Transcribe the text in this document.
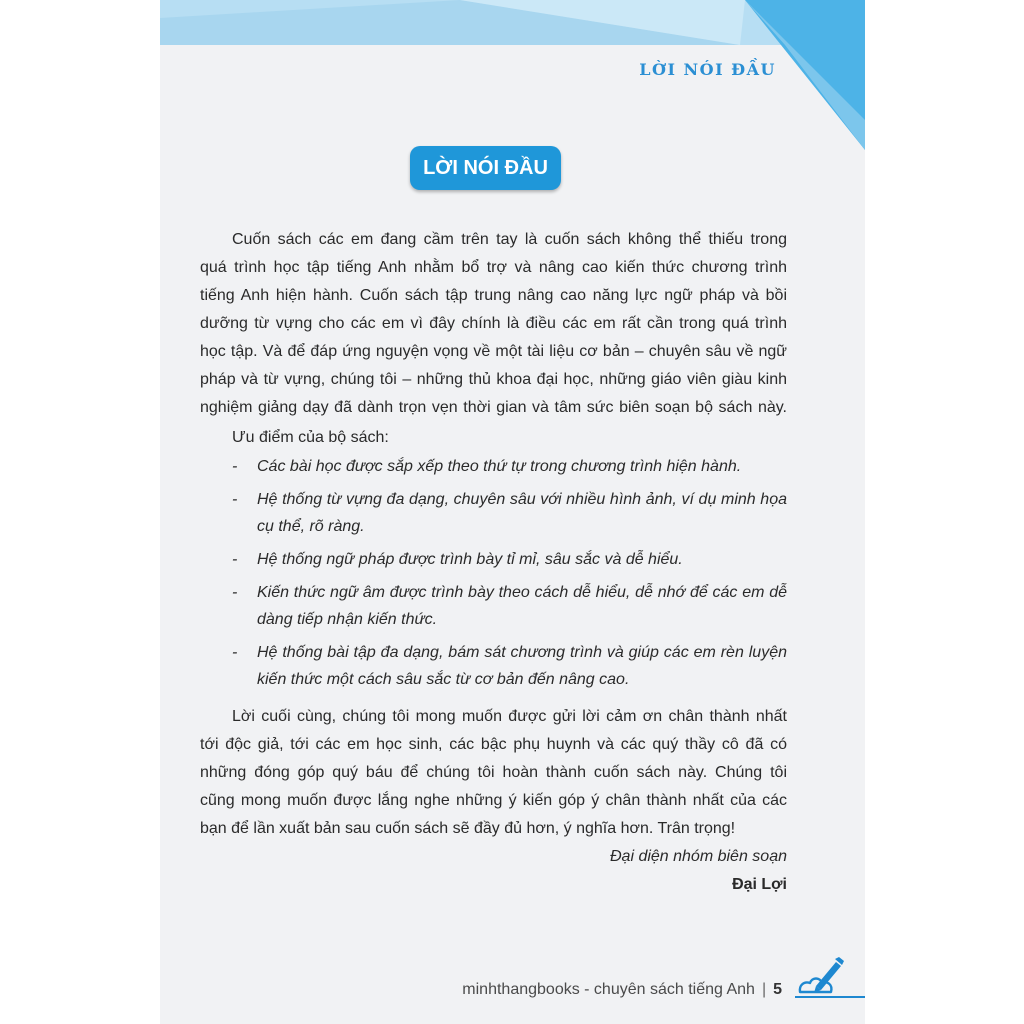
LỜI NÓI ĐẦU
LỜI NÓI ĐẦU
Cuốn sách các em đang cầm trên tay là cuốn sách không thể thiếu trong
quá trình học tập tiếng Anh nhằm bổ trợ và nâng cao kiến thức chương trình
tiếng Anh hiện hành. Cuốn sách tập trung nâng cao năng lực ngữ pháp và bồi
dưỡng từ vựng cho các em vì đây chính là điều các em rất cần trong quá trình
học tập. Và để đáp ứng nguyện vọng về một tài liệu cơ bản – chuyên sâu về ngữ
pháp và từ vựng, chúng tôi – những thủ khoa đại học, những giáo viên giàu kinh
nghiệm giảng dạy đã dành trọn vẹn thời gian và tâm sức biên soạn bộ sách này.
Ưu điểm của bộ sách:
- Các bài học được sắp xếp theo thứ tự trong chương trình hiện hành.
- Hệ thống từ vựng đa dạng, chuyên sâu với nhiều hình ảnh, ví dụ minh họa
cụ thể, rõ ràng.
- Hệ thống ngữ pháp được trình bày tỉ mỉ, sâu sắc và dễ hiểu.
- Kiến thức ngữ âm được trình bày theo cách dễ hiểu, dễ nhớ để các em dễ
dàng tiếp nhận kiến thức.
- Hệ thống bài tập đa dạng, bám sát chương trình và giúp các em rèn luyện
kiến thức một cách sâu sắc từ cơ bản đến nâng cao.
Lời cuối cùng, chúng tôi mong muốn được gửi lời cảm ơn chân thành nhất
tới độc giả, tới các em học sinh, các bậc phụ huynh và các quý thầy cô đã có
những đóng góp quý báu để chúng tôi hoàn thành cuốn sách này. Chúng tôi
cũng mong muốn được lắng nghe những ý kiến góp ý chân thành nhất của các
bạn để lần xuất bản sau cuốn sách sẽ đầy đủ hơn, ý nghĩa hơn. Trân trọng!
Đại diện nhóm biên soạn
Đại Lợi
minhthangbooks - chuyên sách tiếng Anh | 5
